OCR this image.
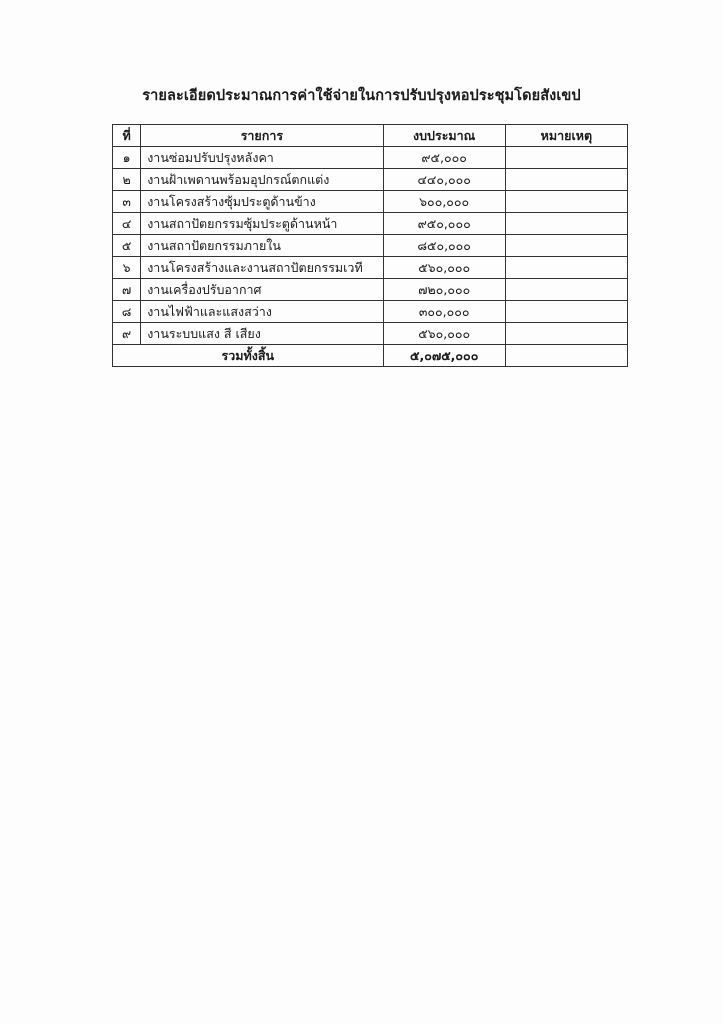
รายละเอียดประมาณการค่าใช้จ่ายในการปรับปรุงหอประชุมโดยสังเขป
ที่	รายการ	งบประมาณ	หมายเหตุ
๑	งานซ่อมปรับปรุงหลังคา	๙๕,๐๐๐	
๒	งานฝ้าเพดานพร้อมอุปกรณ์ตกแต่ง	๔๔๐,๐๐๐	
๓	งานโครงสร้างซุ้มประตูด้านข้าง	๖๐๐,๐๐๐	
๔	งานสถาปัตยกรรมซุ้มประตูด้านหน้า	๙๕๐,๐๐๐	
๕	งานสถาปัตยกรรมภายใน	๘๕๐,๐๐๐	
๖	งานโครงสร้างและงานสถาปัตยกรรมเวที	๕๖๐,๐๐๐	
๗	งานเครื่องปรับอากาศ	๗๒๐,๐๐๐	
๘	งานไฟฟ้าและแสงสว่าง	๓๐๐,๐๐๐	
๙	งานระบบแสง สี เสียง	๕๖๐,๐๐๐	
รวมทั้งสิ้น		๕,๐๗๕,๐๐๐	
